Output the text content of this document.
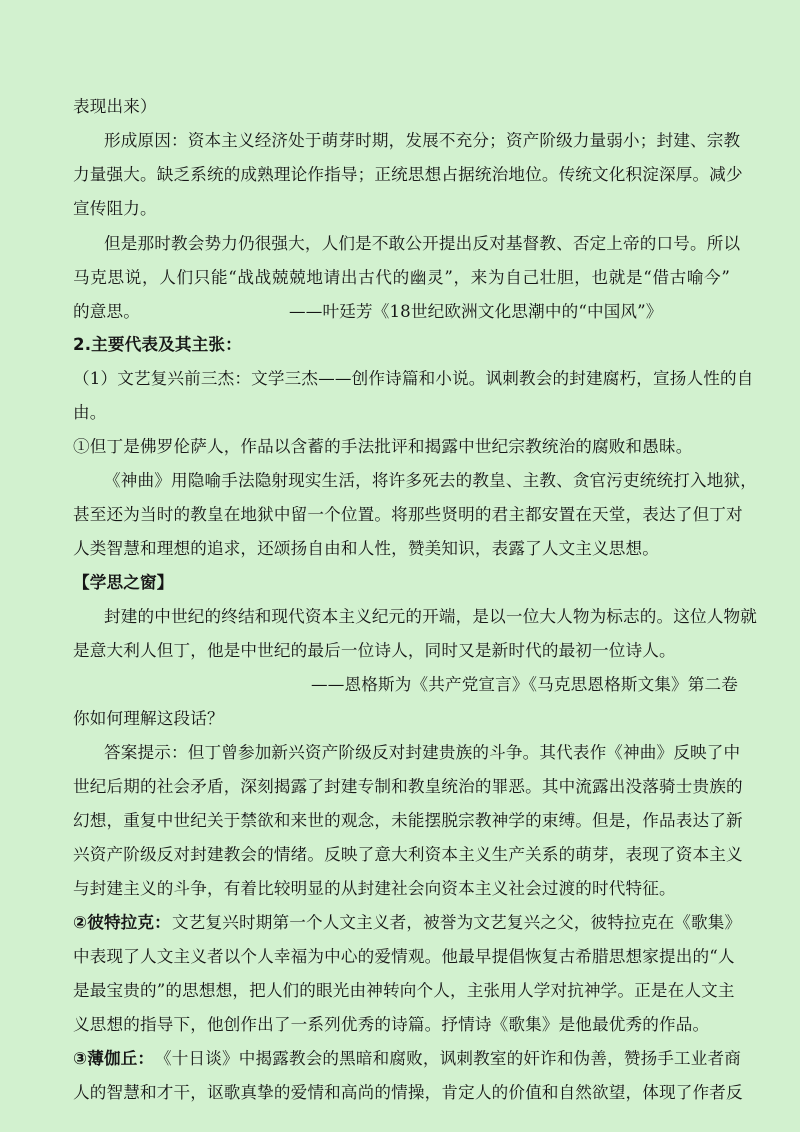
表现出来）
形成原因：资本主义经济处于萌芽时期，发展不充分；资产阶级力量弱小；封建、宗教
力量强大。缺乏系统的成熟理论作指导；正统思想占据统治地位。传统文化积淀深厚。减少
宣传阻力。
但是那时教会势力仍很强大，人们是不敢公开提出反对基督教、否定上帝的口号。所以
马克思说，人们只能“战战兢兢地请出古代的幽灵”，来为自己壮胆，也就是“借古喻今”
的意思。	——叶廷芳《18世纪欧洲文化思潮中的“中国风”》
2.主要代表及其主张：
（1）文艺复兴前三杰：文学三杰——创作诗篇和小说。讽刺教会的封建腐朽，宣扬人性的自
由。
①但丁是佛罗伦萨人，作品以含蓄的手法批评和揭露中世纪宗教统治的腐败和愚昧。
《神曲》用隐喻手法隐射现实生活，将许多死去的教皇、主教、贪官污吏统统打入地狱，
甚至还为当时的教皇在地狱中留一个位置。将那些贤明的君主都安置在天堂，表达了但丁对
人类智慧和理想的追求，还颂扬自由和人性，赞美知识，表露了人文主义思想。
【学思之窗】
封建的中世纪的终结和现代资本主义纪元的开端，是以一位大人物为标志的。这位人物就
是意大利人但丁，他是中世纪的最后一位诗人，同时又是新时代的最初一位诗人。
——恩格斯为《共产党宣言》《马克思恩格斯文集》第二卷
你如何理解这段话？
答案提示：但丁曾参加新兴资产阶级反对封建贵族的斗争。其代表作《神曲》反映了中
世纪后期的社会矛盾，深刻揭露了封建专制和教皇统治的罪恶。其中流露出没落骑士贵族的
幻想，重复中世纪关于禁欲和来世的观念，未能摆脱宗教神学的束缚。但是，作品表达了新
兴资产阶级反对封建教会的情绪。反映了意大利资本主义生产关系的萌芽，表现了资本主义
与封建主义的斗争，有着比较明显的从封建社会向资本主义社会过渡的时代特征。
②彼特拉克： 文艺复兴时期第一个人文主义者，被誉为文艺复兴之父，彼特拉克在《歌集》
中表现了人文主义者以个人幸福为中心的爱情观。他最早提倡恢复古希腊思想家提出的“人
是最宝贵的”的思想想，把人们的眼光由神转向个人，主张用人学对抗神学。正是在人文主
义思想的指导下，他创作出了一系列优秀的诗篇。抒情诗《歌集》是他最优秀的作品。
③薄伽丘： 《十日谈》中揭露教会的黑暗和腐败，讽刺教室的奸诈和伪善，赞扬手工业者商
人的智慧和才干，讴歌真挚的爱情和高尚的情操，肯定人的价值和自然欲望，体现了作者反
